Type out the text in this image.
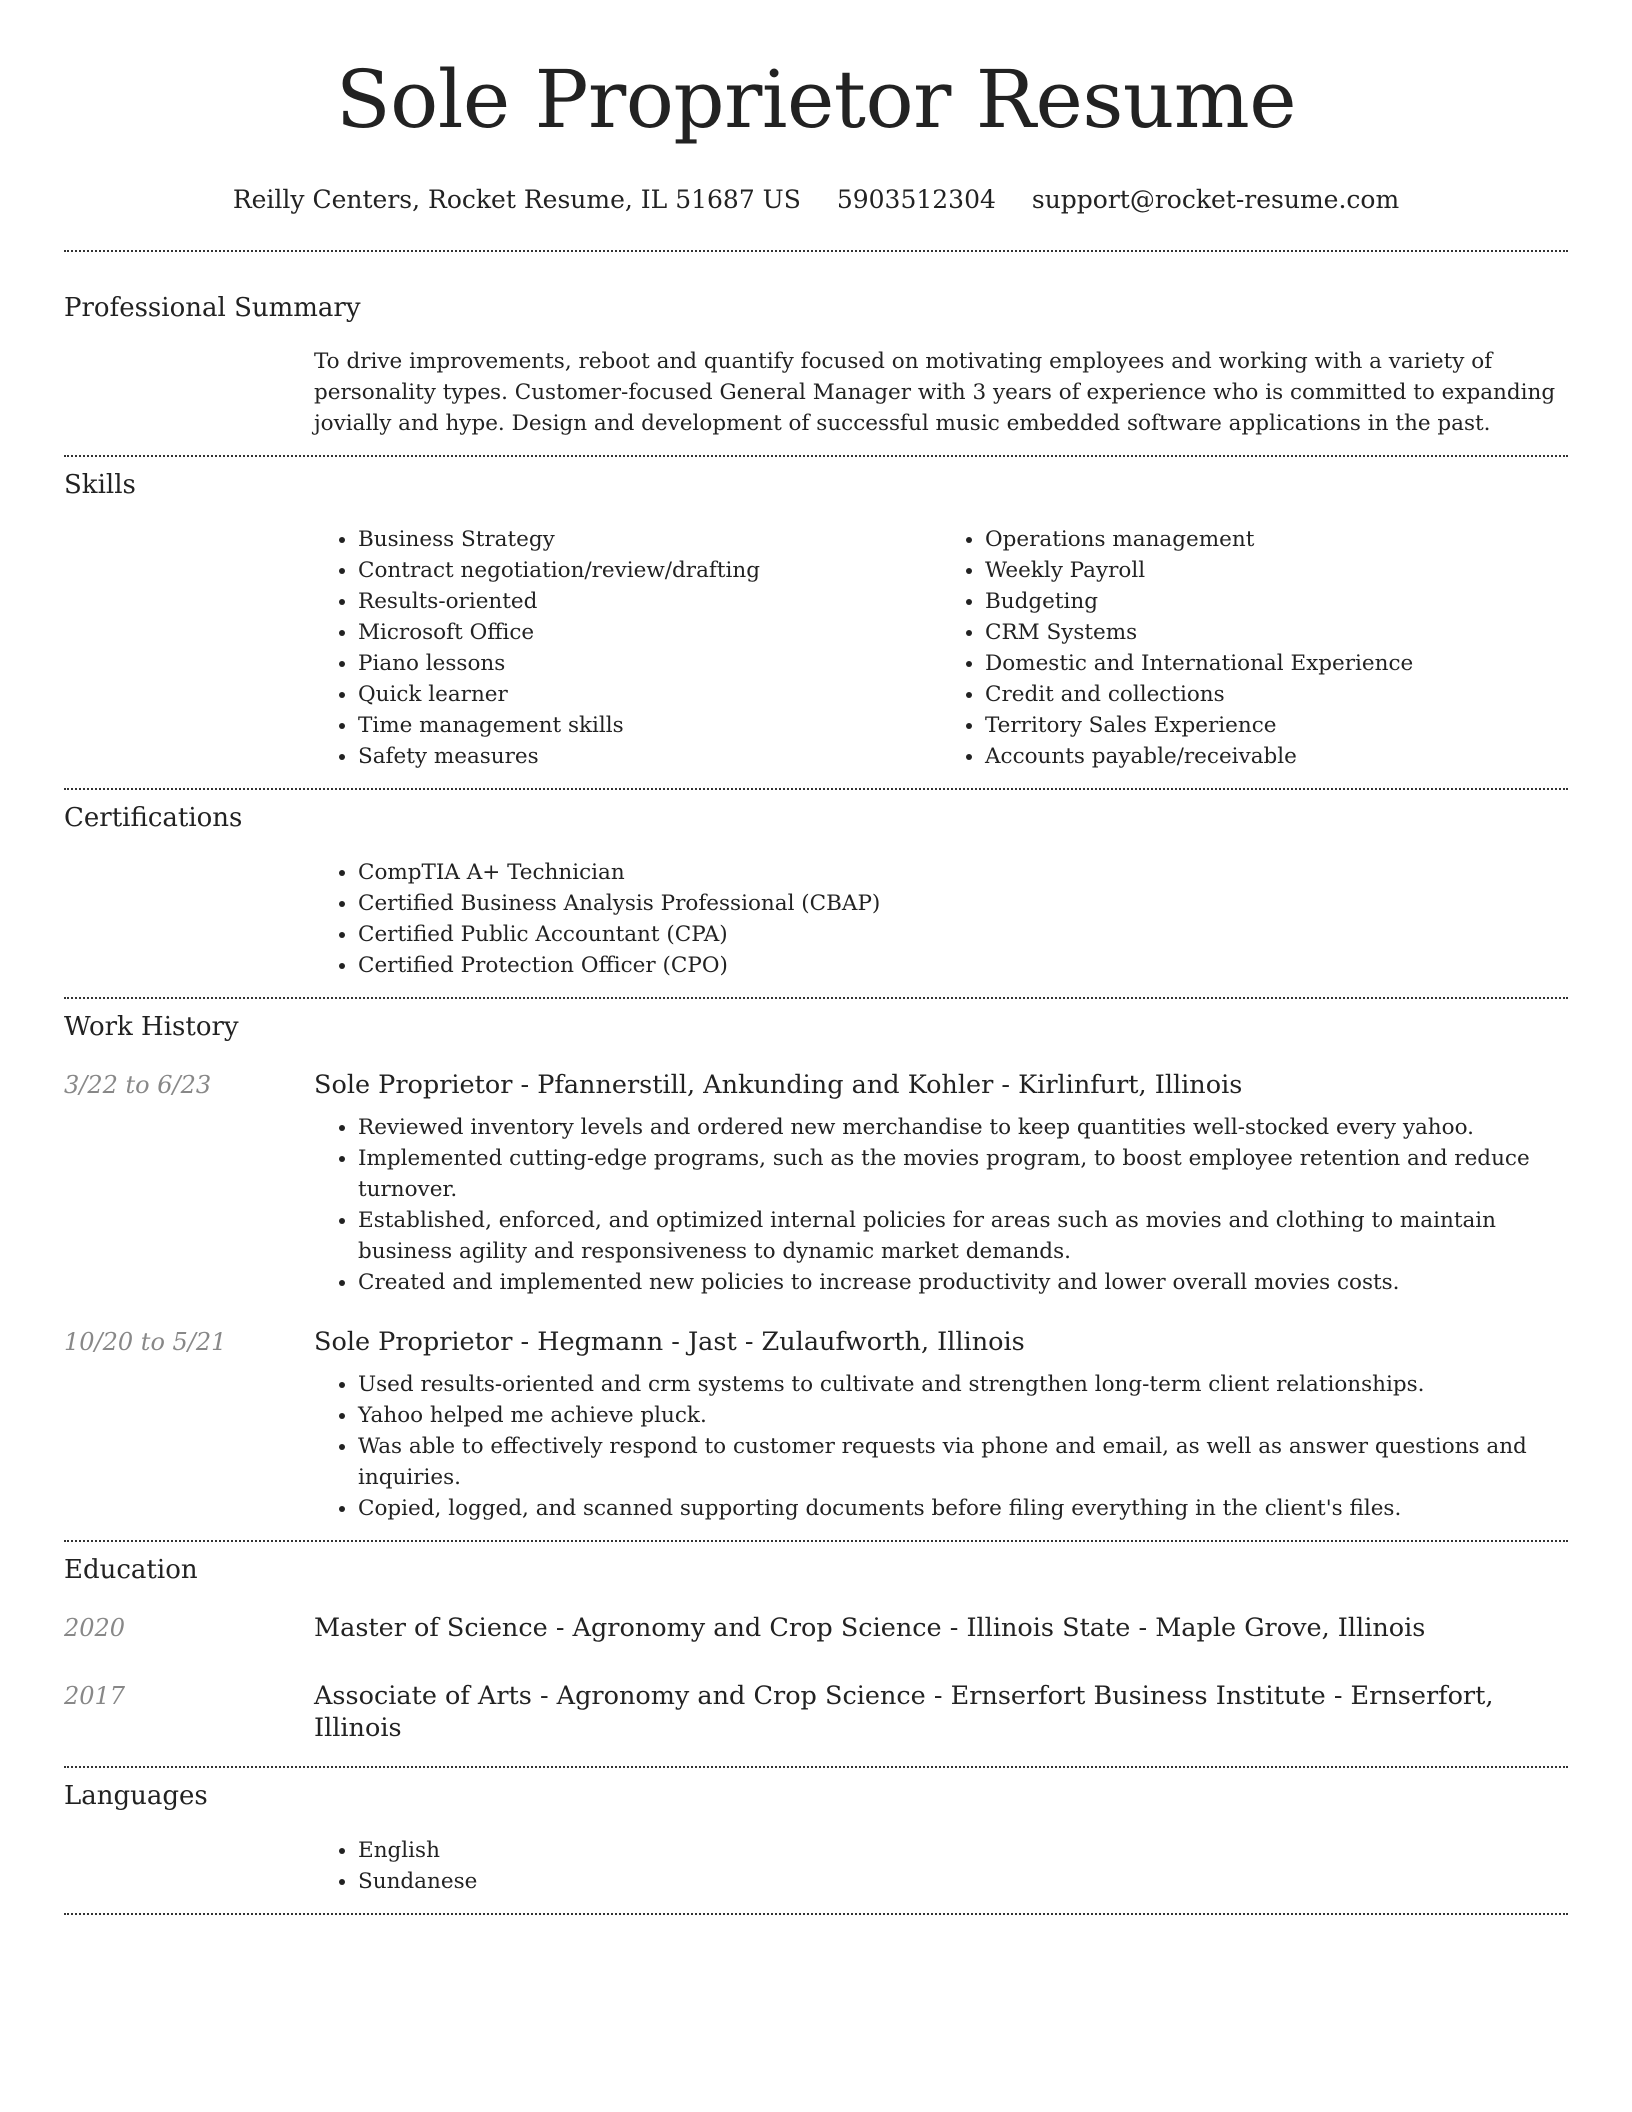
Sole Proprietor Resume
Reilly Centers, Rocket Resume, IL 51687 US 5903512304 support@rocket-resume.com
Professional Summary
To drive improvements, reboot and quantify focused on motivating employees and working with a variety of personality types. Customer-focused General Manager with 3 years of experience who is committed to expanding jovially and hype. Design and development of successful music embedded software applications in the past.
Skills
• Business Strategy
• Contract negotiation/review/drafting
• Results-oriented
• Microsoft Office
• Piano lessons
• Quick learner
• Time management skills
• Safety measures
• Operations management
• Weekly Payroll
• Budgeting
• CRM Systems
• Domestic and International Experience
• Credit and collections
• Territory Sales Experience
• Accounts payable/receivable
Certifications
• CompTIA A+ Technician
• Certified Business Analysis Professional (CBAP)
• Certified Public Accountant (CPA)
• Certified Protection Officer (CPO)
Work History
3/22 to 6/23	Sole Proprietor - Pfannerstill, Ankunding and Kohler - Kirlinfurt, Illinois
• Reviewed inventory levels and ordered new merchandise to keep quantities well-stocked every yahoo.
• Implemented cutting-edge programs, such as the movies program, to boost employee retention and reduce turnover.
• Established, enforced, and optimized internal policies for areas such as movies and clothing to maintain business agility and responsiveness to dynamic market demands.
• Created and implemented new policies to increase productivity and lower overall movies costs.
10/20 to 5/21	Sole Proprietor - Hegmann - Jast - Zulaufworth, Illinois
• Used results-oriented and crm systems to cultivate and strengthen long-term client relationships.
• Yahoo helped me achieve pluck.
• Was able to effectively respond to customer requests via phone and email, as well as answer questions and inquiries.
• Copied, logged, and scanned supporting documents before filing everything in the client's files.
Education
2020	Master of Science - Agronomy and Crop Science - Illinois State - Maple Grove, Illinois
2017	Associate of Arts - Agronomy and Crop Science - Ernserfort Business Institute - Ernserfort, Illinois
Languages
• English
• Sundanese
